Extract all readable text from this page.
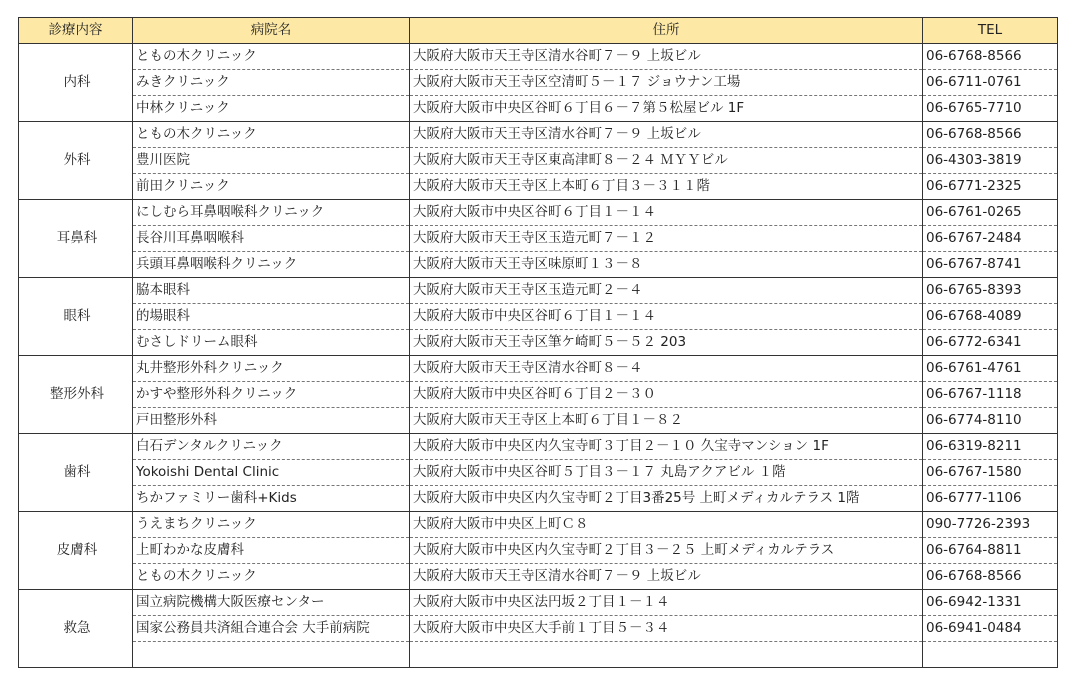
診療内容	病院名	住所	TEL
内科	ともの木クリニック	大阪府大阪市天王寺区清水谷町７－９ 上坂ビル	06-6768-8566
	みきクリニック	大阪府大阪市天王寺区空清町５－１７ ジョウナン工場	06-6711-0761
	中林クリニック	大阪府大阪市中央区谷町６丁目６－７第５松屋ビル 1F	06-6765-7710
外科	ともの木クリニック	大阪府大阪市天王寺区清水谷町７－９ 上坂ビル	06-6768-8566
	豊川医院	大阪府大阪市天王寺区東高津町８－２４ ＭＹＹビル	06-4303-3819
	前田クリニック	大阪府大阪市天王寺区上本町６丁目３－３１１階	06-6771-2325
耳鼻科	にしむら耳鼻咽喉科クリニック	大阪府大阪市中央区谷町６丁目１－１４	06-6761-0265
	長谷川耳鼻咽喉科	大阪府大阪市天王寺区玉造元町７－１２	06-6767-2484
	兵頭耳鼻咽喉科クリニック	大阪府大阪市天王寺区味原町１３－８	06-6767-8741
眼科	脇本眼科	大阪府大阪市天王寺区玉造元町２－４	06-6765-8393
	的場眼科	大阪府大阪市中央区谷町６丁目１－１４	06-6768-4089
	むさしドリーム眼科	大阪府大阪市天王寺区筆ケ崎町５－５２ 203	06-6772-6341
整形外科	丸井整形外科クリニック	大阪府大阪市天王寺区清水谷町８－４	06-6761-4761
	かすや整形外科クリニック	大阪府大阪市中央区谷町６丁目２－３０	06-6767-1118
	戸田整形外科	大阪府大阪市天王寺区上本町６丁目１－８２	06-6774-8110
歯科	白石デンタルクリニック	大阪府大阪市中央区内久宝寺町３丁目２－１０ 久宝寺マンション 1F	06-6319-8211
	Yokoishi Dental Clinic	大阪府大阪市中央区谷町５丁目３－１７ 丸島アクアビル １階	06-6767-1580
	ちかファミリー歯科+Kids	大阪府大阪市中央区内久宝寺町２丁目3番25号 上町メディカルテラス 1階	06-6777-1106
皮膚科	うえまちクリニック	大阪府大阪市中央区上町Ｃ８	090-7726-2393
	上町わかな皮膚科	大阪府大阪市中央区内久宝寺町２丁目３－２５ 上町メディカルテラス	06-6764-8811
	ともの木クリニック	大阪府大阪市天王寺区清水谷町７－９ 上坂ビル	06-6768-8566
救急	国立病院機構大阪医療センター	大阪府大阪市中央区法円坂２丁目１－１４	06-6942-1331
	国家公務員共済組合連合会 大手前病院	大阪府大阪市中央区大手前１丁目５－３４	06-6941-0484
